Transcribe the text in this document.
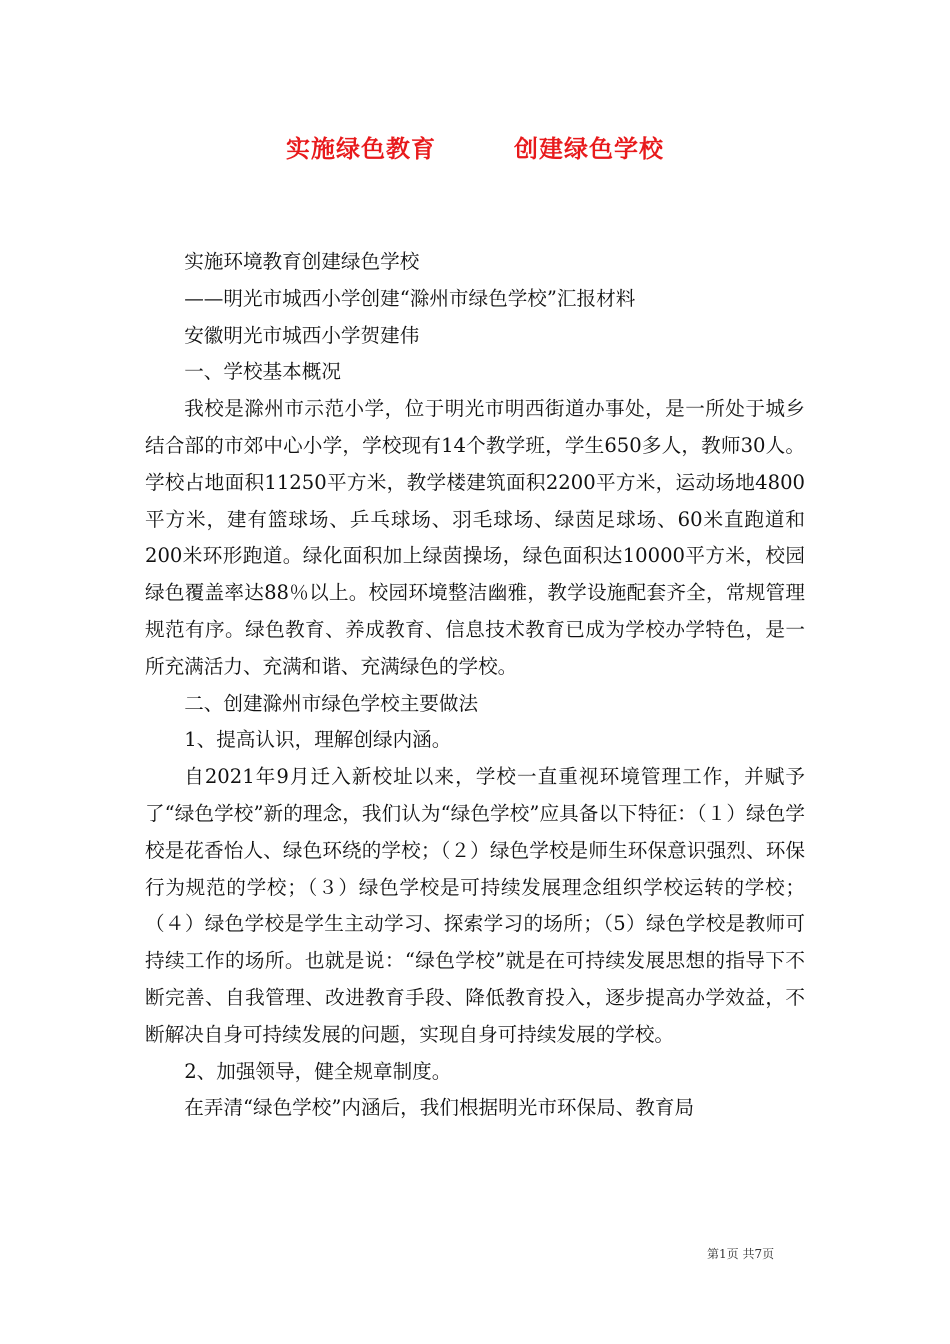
实施绿色教育	创建绿色学校

实施环境教育创建绿色学校

——明光市城西小学创建“滁州市绿色学校”汇报材料

安徽明光市城西小学贺建伟

一、学校基本概况

我校是滁州市示范小学，位于明光市明西街道办事处，是一所处于城乡结合部的市郊中心小学，学校现有14个教学班，学生650多人，教师30人。学校占地面积11250平方米，教学楼建筑面积2200平方米，运动场地4800平方米，建有篮球场、乒乓球场、羽毛球场、绿茵足球场、60米直跑道和200米环形跑道。绿化面积加上绿茵操场，绿色面积达10000平方米，校园绿色覆盖率达88％以上。校园环境整洁幽雅，教学设施配套齐全，常规管理规范有序。绿色教育、养成教育、信息技术教育已成为学校办学特色，是一所充满活力、充满和谐、充满绿色的学校。

二、创建滁州市绿色学校主要做法

1、提高认识，理解创绿内涵。

自2021年9月迁入新校址以来，学校一直重视环境管理工作，并赋予了“绿色学校”新的理念，我们认为“绿色学校”应具备以下特征：（１）绿色学校是花香怡人、绿色环绕的学校；（２）绿色学校是师生环保意识强烈、环保行为规范的学校；（３）绿色学校是可持续发展理念组织学校运转的学校；（４）绿色学校是学生主动学习、探索学习的场所；（5）绿色学校是教师可持续工作的场所。也就是说：“绿色学校”就是在可持续发展思想的指导下不断完善、自我管理、改进教育手段、降低教育投入，逐步提高办学效益，不断解决自身可持续发展的问题，实现自身可持续发展的学校。

2、加强领导，健全规章制度。

在弄清“绿色学校”内涵后，我们根据明光市环保局、教育局

第1页 共7页
